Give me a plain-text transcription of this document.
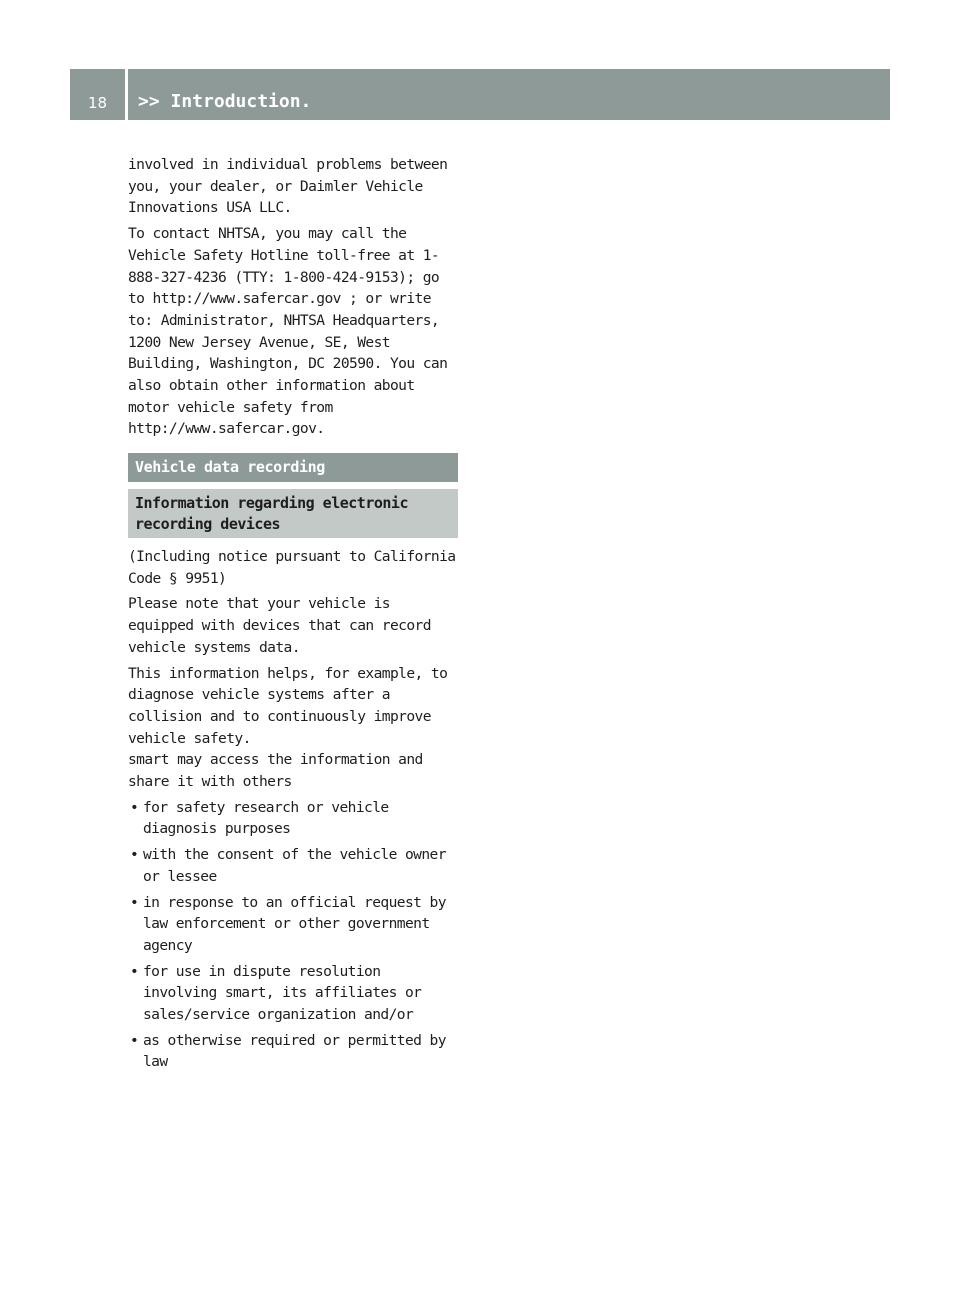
18	>> Introduction.

involved in individual problems between you, your dealer, or Daimler Vehicle Innovations USA LLC.

To contact NHTSA, you may call the Vehicle Safety Hotline toll-free at 1-888-327-4236 (TTY: 1-800-424-9153); go to http://www.safercar.gov ; or write to: Administrator, NHTSA Headquarters, 1200 New Jersey Avenue, SE, West Building, Washington, DC 20590. You can also obtain other information about motor vehicle safety from http://www.safercar.gov.

Vehicle data recording
Information regarding electronic recording devices

(Including notice pursuant to California Code § 9951)

Please note that your vehicle is equipped with devices that can record vehicle systems data.

This information helps, for example, to diagnose vehicle systems after a collision and to continuously improve vehicle safety.

smart may access the information and share it with others

• for safety research or vehicle diagnosis purposes
• with the consent of the vehicle owner or lessee
• in response to an official request by law enforcement or other government agency
• for use in dispute resolution involving smart, its affiliates or sales/service organization and/or
• as otherwise required or permitted by law
